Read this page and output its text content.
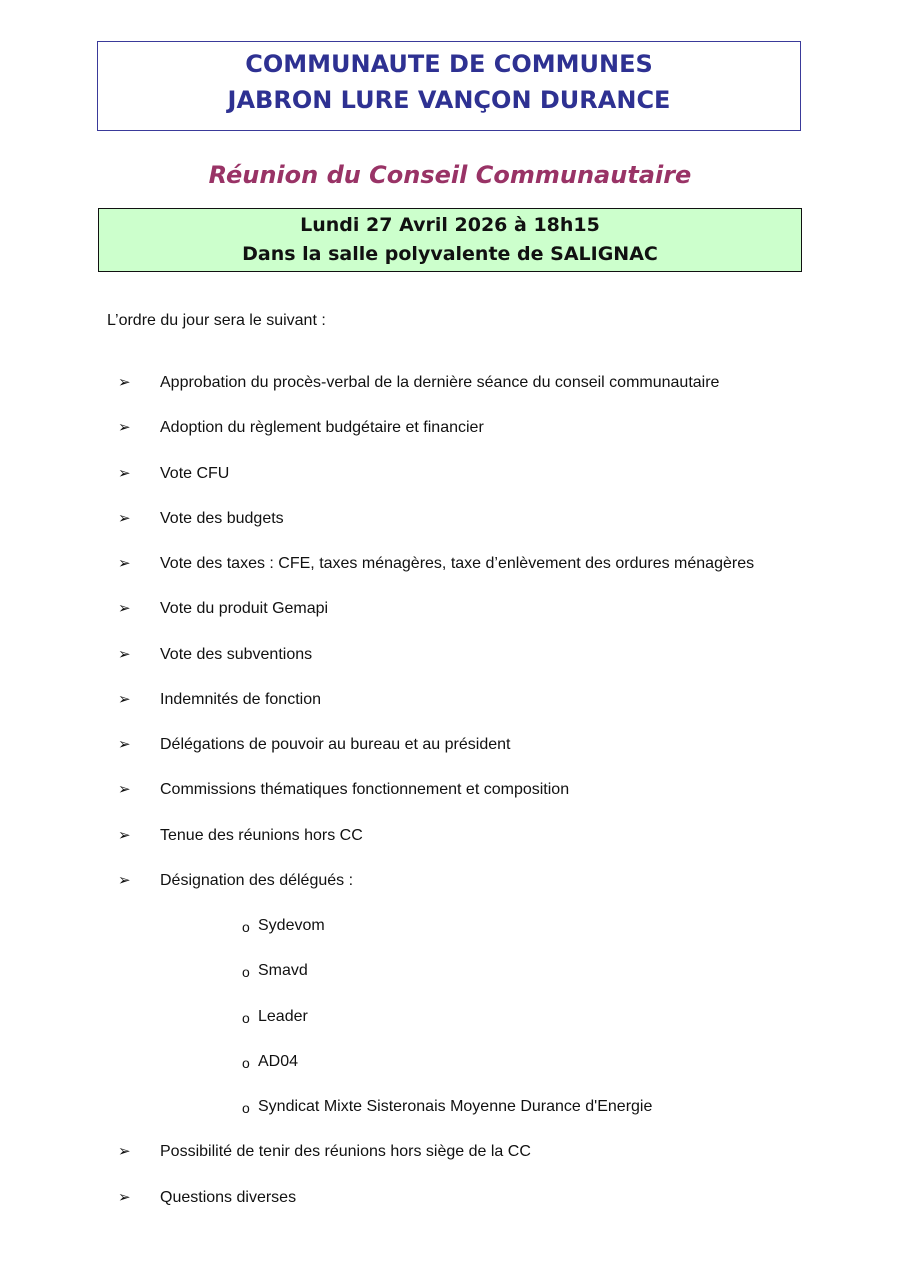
COMMUNAUTE DE COMMUNES
JABRON LURE VANÇON DURANCE
Réunion du Conseil Communautaire
Lundi 27 Avril 2026 à 18h15
Dans la salle polyvalente de SALIGNAC
L’ordre du jour sera le suivant :
➢ Approbation du procès-verbal de la dernière séance du conseil communautaire
➢ Adoption du règlement budgétaire et financier
➢ Vote CFU
➢ Vote des budgets
➢ Vote des taxes : CFE, taxes ménagères, taxe d’enlèvement des ordures ménagères
➢ Vote du produit Gemapi
➢ Vote des subventions
➢ Indemnités de fonction
➢ Délégations de pouvoir au bureau et au président
➢ Commissions thématiques fonctionnement et composition
➢ Tenue des réunions hors CC
➢ Désignation des délégués :
o Sydevom
o Smavd
o Leader
o AD04
o Syndicat Mixte Sisteronais Moyenne Durance d'Energie
➢ Possibilité de tenir des réunions hors siège de la CC
➢ Questions diverses
